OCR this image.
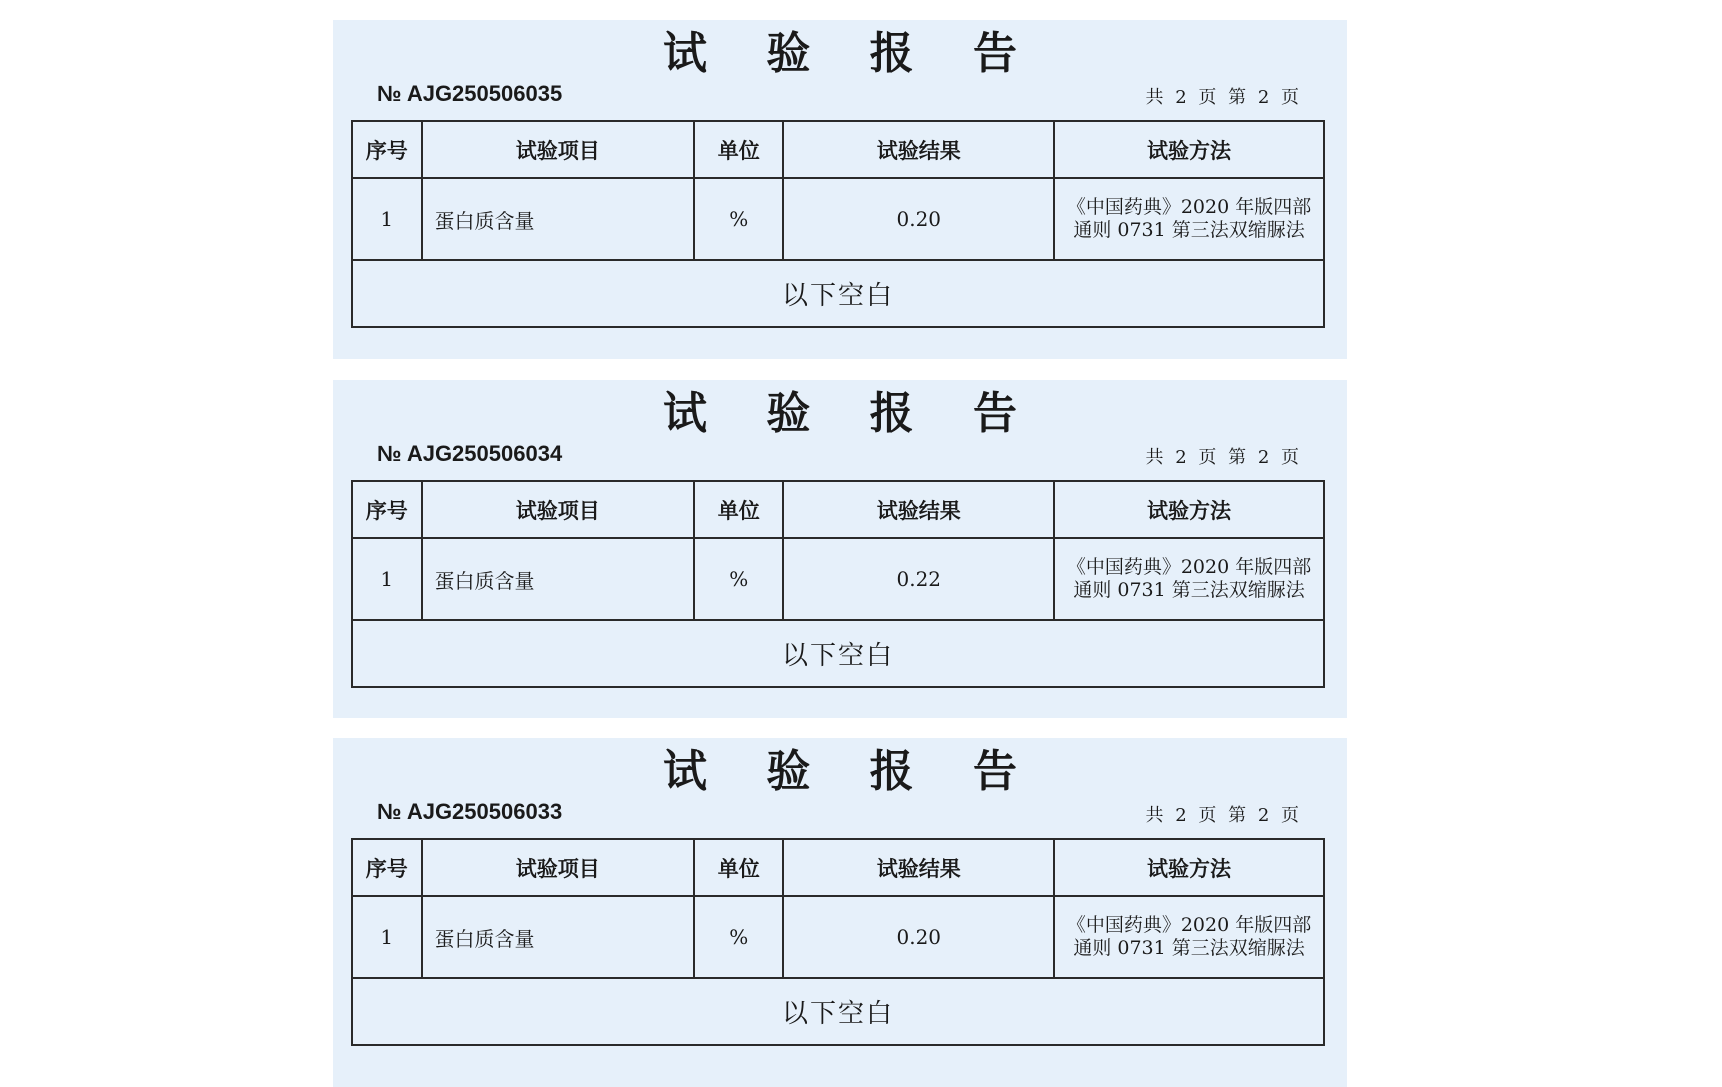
试 验 报 告
№ AJG250506035	共 2 页 第 2 页
序号	试验项目	单位	试验结果	试验方法
1	蛋白质含量	%	0.20	《中国药典》2020 年版四部通则 0731 第三法双缩脲法
以下空白				
试 验 报 告
№ AJG250506034	共 2 页 第 2 页
序号	试验项目	单位	试验结果	试验方法
1	蛋白质含量	%	0.22	《中国药典》2020 年版四部通则 0731 第三法双缩脲法
以下空白				
试 验 报 告
№ AJG250506033	共 2 页 第 2 页
序号	试验项目	单位	试验结果	试验方法
1	蛋白质含量	%	0.20	《中国药典》2020 年版四部通则 0731 第三法双缩脲法
以下空白				
